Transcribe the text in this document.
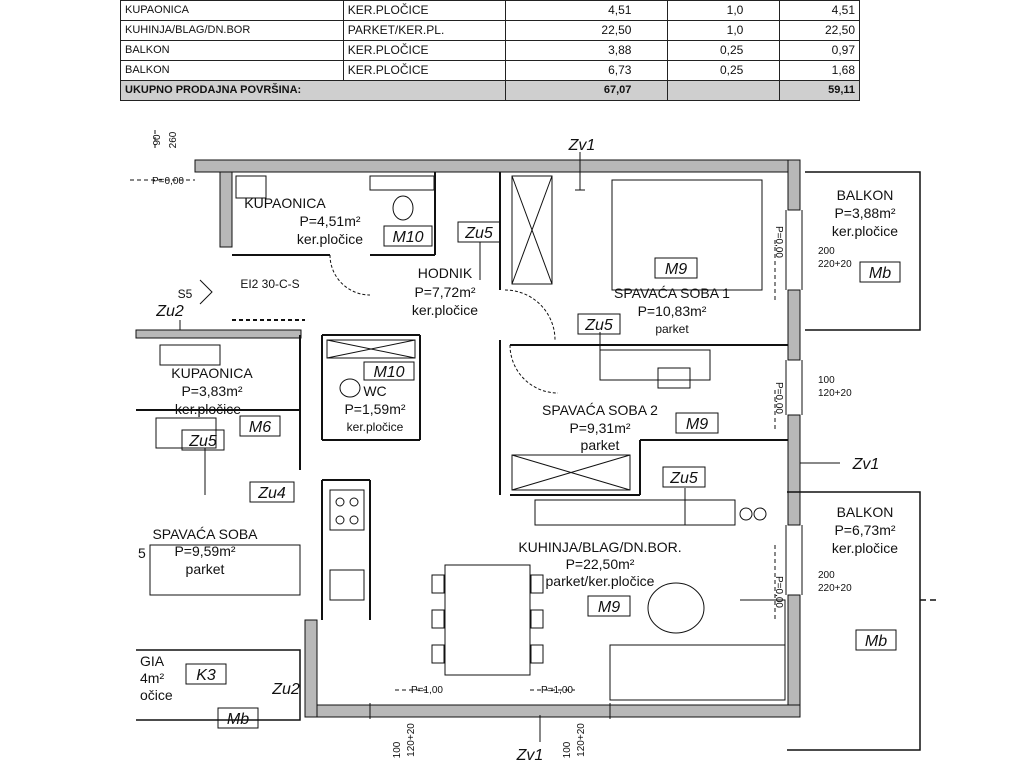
KUPAONICA
P=4,51m²
ker.pločice
HODNIK
P=7,72m²
ker.pločice
SPAVAĆA SOBA 1
P=10,83m²
parket
BALKON
P=3,88m²
ker.pločice
KUPAONICA
P=3,83m²
ker.pločice
WC
P=1,59m²
ker.pločice
SPAVAĆA SOBA 2
P=9,31m²
parket
SPAVAĆA SOBA
P=9,59m²
parket
KUHINJA/BLAG/DN.BOR.
P=22,50m²
parket/ker.pločice
BALKON
P=6,73m²
ker.pločice
GIA
4m²
očice
Zv1
Zv1
Zv1
Zu5
Zu5
Zu5
Zu5
Zu2
Zu2
Zu4
M10
M10
M9
M9
M9
M6
K3
Mb
Mb
Mb
S5
EI2 30-C-S
5
P=0,00
P=0,00
P=0,00
P=0,00
P=1,00	P=1,00
90 260
200
220+20
100
120+20
200
220+20
100 120+20	100 120+20
KUPAONICA	KER.PLOČICE	4,51	1,0	4,51
KUHINJA/BLAG/DN.BOR	PARKET/KER.PL.	22,50	1,0	22,50
BALKON	KER.PLOČICE	3,88	0,25	0,97
BALKON	KER.PLOČICE	6,73	0,25	1,68
UKUPNO PRODAJNA POVRŠINA:		67,07		59,11
